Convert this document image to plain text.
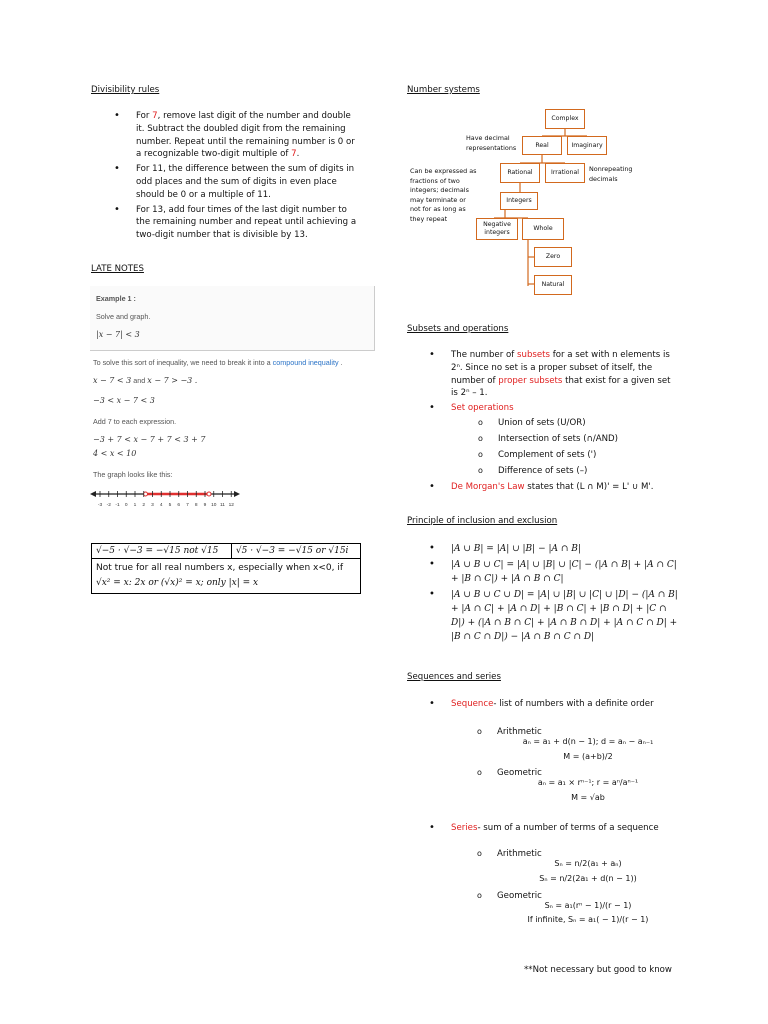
Divisibility rules
• For 7, remove last digit of the number and double it. Subtract the doubled digit from the remaining number. Repeat until the remaining number is 0 or a recognizable two-digit multiple of 7.
• For 11, the difference between the sum of digits in odd places and the sum of digits in even place should be 0 or a multiple of 11.
• For 13, add four times of the last digit number to the remaining number and repeat until achieving a two-digit number that is divisible by 13.
LATE NOTES
Example 1 :
Solve and graph.
|x − 7| < 3
To solve this sort of inequality, we need to break it into a compound inequality .
x − 7 < 3 and x − 7 > −3 .
−3 < x − 7 < 3
Add 7 to each expression.
−3 + 7 < x − 7 + 7 < 3 + 7
4 < x < 10
The graph looks like this:
-3 -2 -1 0 1 2 3 4 5 6 7 8 9 10 11 12
√−5 · √−3 = −√15 not √15	√5 · √−3 = −√15 or √15i

Not true for all real numbers x, especially when x<0, if
√x² = x: 2x or (√x)² = x; only |x| = x
Number systems
Complex
Real	Imaginary
Rational	Irrational
Integers
Negative integers
Whole
Zero
Natural
Have decimal representations
Can be expressed as fractions of two integers; decimals may terminate or not for as long as they repeat
Nonrepeating decimals
Subsets and operations
• The number of subsets for a set with n elements is 2ⁿ. Since no set is a proper subset of itself, the number of proper subsets that exist for a given set is 2ⁿ – 1.
• Set operations
o Union of sets (U/OR)
o Intersection of sets (∩/AND)
o Complement of sets (')
o Difference of sets (–)
• De Morgan's Law states that (L ∩ M)' = L' ∪ M'.
Principle of inclusion and exclusion
• |A ∪ B| = |A| ∪ |B| − |A ∩ B|
• |A ∪ B ∪ C| = |A| ∪ |B| ∪ |C| − (|A ∩ B| + |A ∩ C| + |B ∩ C|) + |A ∩ B ∩ C|
• |A ∪ B ∪ C ∪ D| = |A| ∪ |B| ∪ |C| ∪ |D| − (|A ∩ B| + |A ∩ C| + |A ∩ D| + |B ∩ C| + |B ∩ D| + |C ∩ D|) + (|A ∩ B ∩ C| + |A ∩ B ∩ D| + |A ∩ C ∩ D| + |B ∩ C ∩ D|) − |A ∩ B ∩ C ∩ D|
Sequences and series
• Sequence- list of numbers with a definite order
o Arithmetic
aₙ = a₁ + d(n − 1); d = aₙ − aₙ₋₁
M = (a+b)/2
o Geometric
aₙ = a₁ × rⁿ⁻¹; r = aⁿ/aⁿ⁻¹
M = √ab
• Series- sum of a number of terms of a sequence
o Arithmetic
Sₙ = n/2(a₁ + aₙ)
Sₙ = n/2(2a₁ + d(n − 1))
o Geometric
Sₙ = a₁(rⁿ − 1)/(r − 1)
If infinite, Sₙ = a₁( − 1)/(r − 1)
**Not necessary but good to know
